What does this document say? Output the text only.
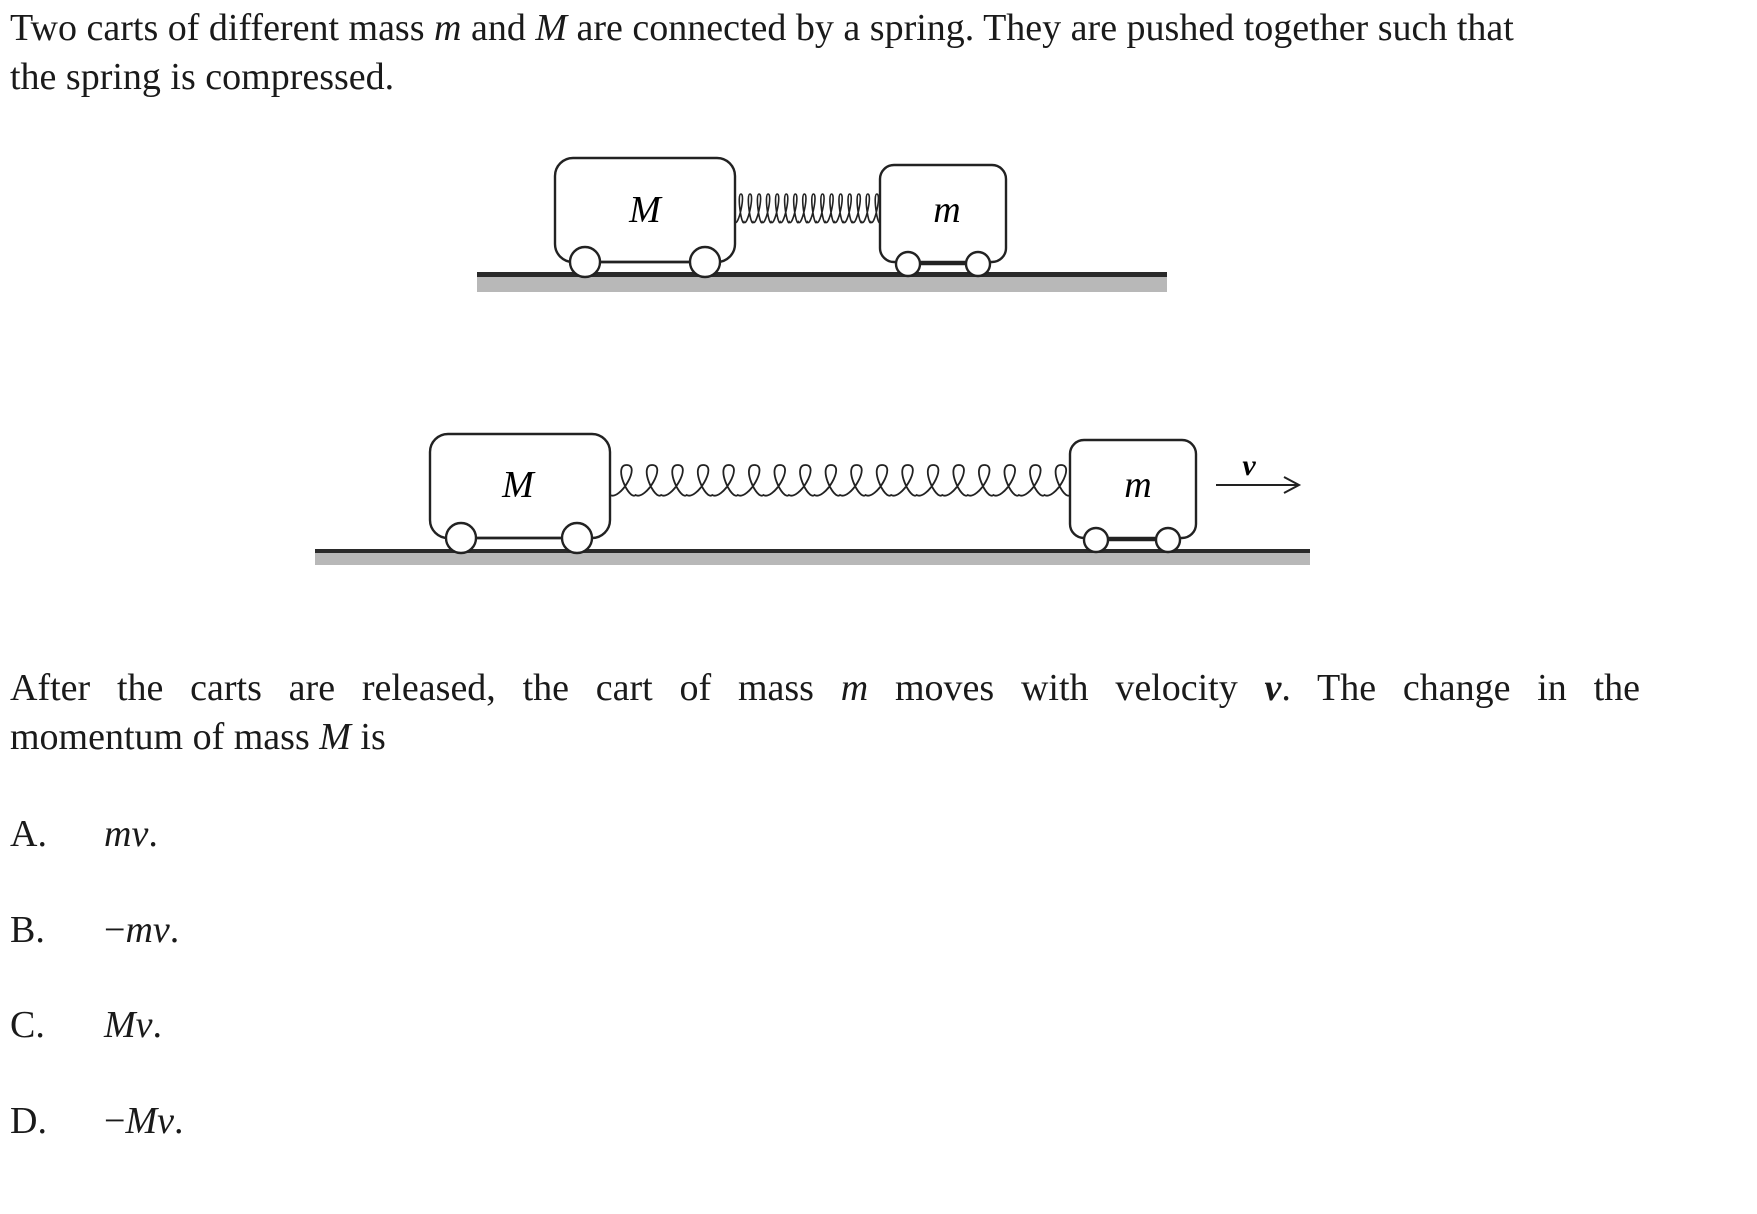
Two carts of different mass m and M are connected by a spring. They are pushed together such that
the spring is compressed.

M	m
M	m	v

After the carts are released, the cart of mass m moves with velocity v. The change in the
momentum of mass M is

A.	mv.
B.	−mv.
C.	Mv.
D.	−Mv.
